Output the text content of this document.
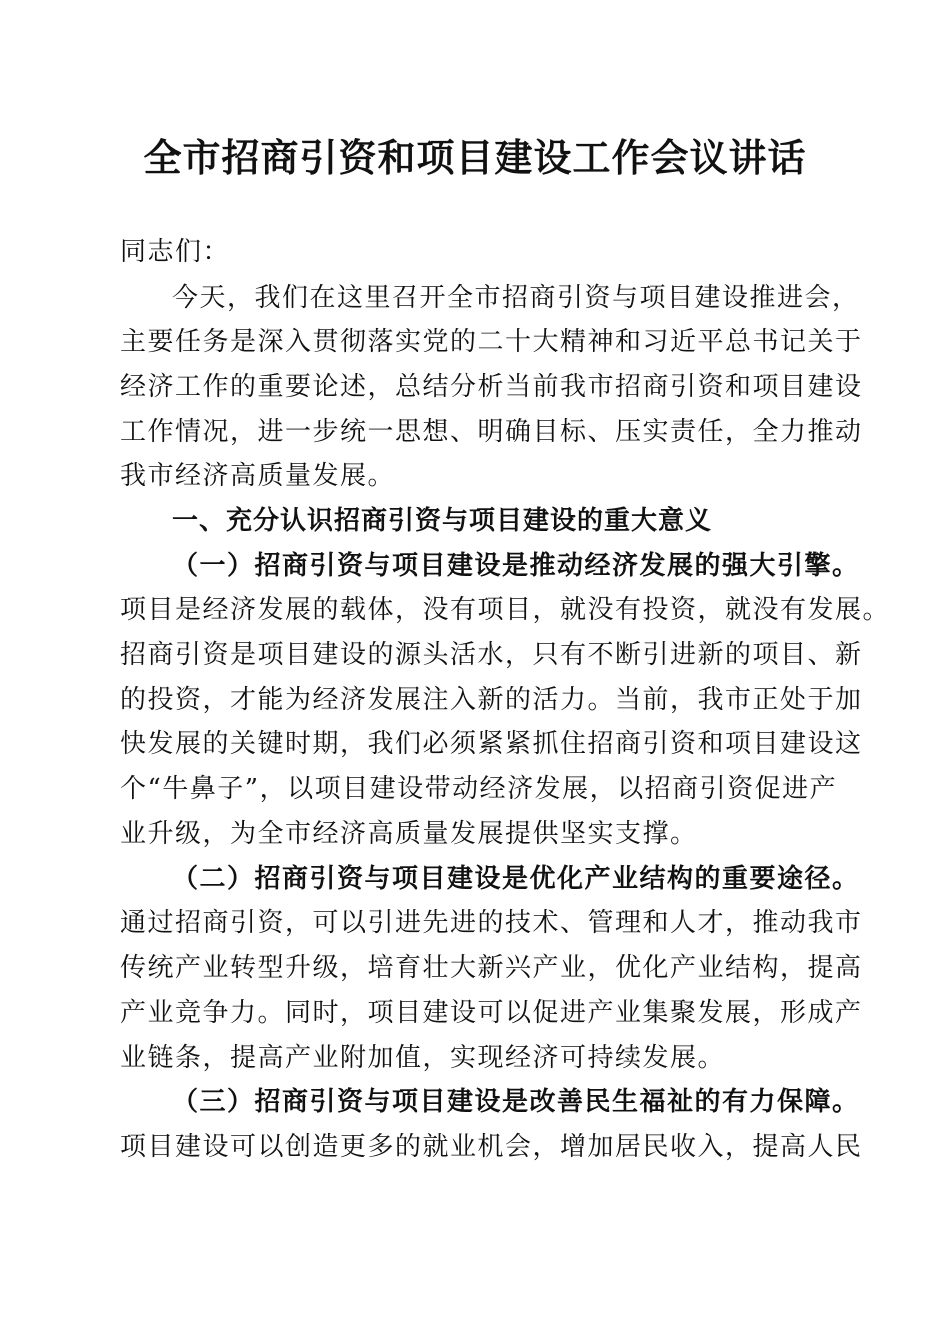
全市招商引资和项目建设工作会议讲话
同志们：
今天，我们在这里召开全市招商引资与项目建设推进会，
主要任务是深入贯彻落实党的二十大精神和习近平总书记关于
经济工作的重要论述，总结分析当前我市招商引资和项目建设
工作情况，进一步统一思想、明确目标、压实责任，全力推动
我市经济高质量发展。
一、充分认识招商引资与项目建设的重大意义
（一）招商引资与项目建设是推动经济发展的强大引擎。
项目是经济发展的载体，没有项目，就没有投资，就没有发展。
招商引资是项目建设的源头活水，只有不断引进新的项目、新
的投资，才能为经济发展注入新的活力。当前，我市正处于加
快发展的关键时期，我们必须紧紧抓住招商引资和项目建设这
个“牛鼻子”，以项目建设带动经济发展，以招商引资促进产
业升级，为全市经济高质量发展提供坚实支撑。
（二）招商引资与项目建设是优化产业结构的重要途径。
通过招商引资，可以引进先进的技术、管理和人才，推动我市
传统产业转型升级，培育壮大新兴产业，优化产业结构，提高
产业竞争力。同时，项目建设可以促进产业集聚发展，形成产
业链条，提高产业附加值，实现经济可持续发展。
（三）招商引资与项目建设是改善民生福祉的有力保障。
项目建设可以创造更多的就业机会，增加居民收入，提高人民
